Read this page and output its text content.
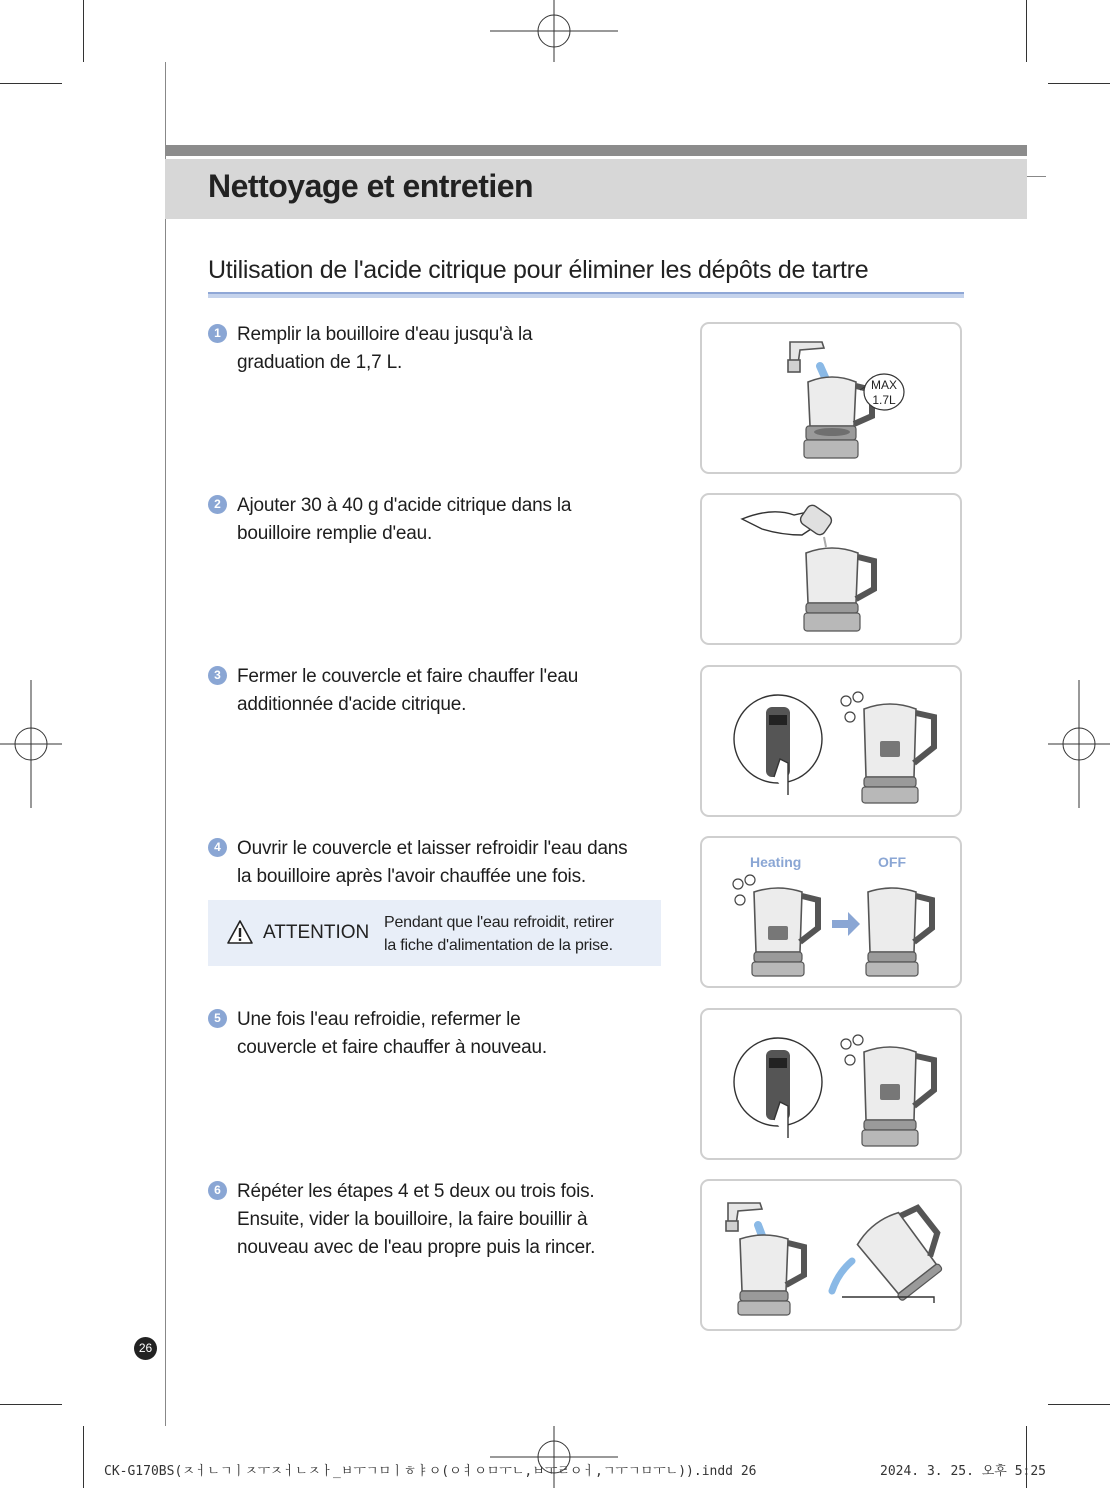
Nettoyage et entretien
Utilisation de l'acide citrique pour éliminer les dépôts de tartre
1 Remplir la bouilloire d'eau jusqu'à la
graduation de 1,7 L.
2 Ajouter 30 à 40 g d'acide citrique dans la
bouilloire remplie d'eau.
3 Fermer le couvercle et faire chauffer l'eau
additionnée d'acide citrique.
4 Ouvrir le couvercle et laisser refroidir l'eau dans
la bouilloire après l'avoir chauffée une fois.
5 Une fois l'eau refroidie, refermer le
couvercle et faire chauffer à nouveau.
6 Répéter les étapes 4 et 5 deux ou trois fois.
Ensuite, vider la bouilloire, la faire bouillir à
nouveau avec de l'eau propre puis la rincer.
ATTENTION Pendant que l'eau refroidit, retirer
la fiche d'alimentation de la prise.
MAX
1.7L
Heating	OFF
26
CK-G170BS(ㅈㅓㄴㄱㅣㅈㅜㅈㅓㄴㅈㅏ_ㅂㅜㄱㅁㅣㅎㅑㅇ(ㅇㅕㅇㅁㅜㄴ,ㅂㅜㄹㅇㅓ,ㄱㅜㄱㅁㅜㄴ)).indd 26	2024. 3. 25. 오후 5:25
